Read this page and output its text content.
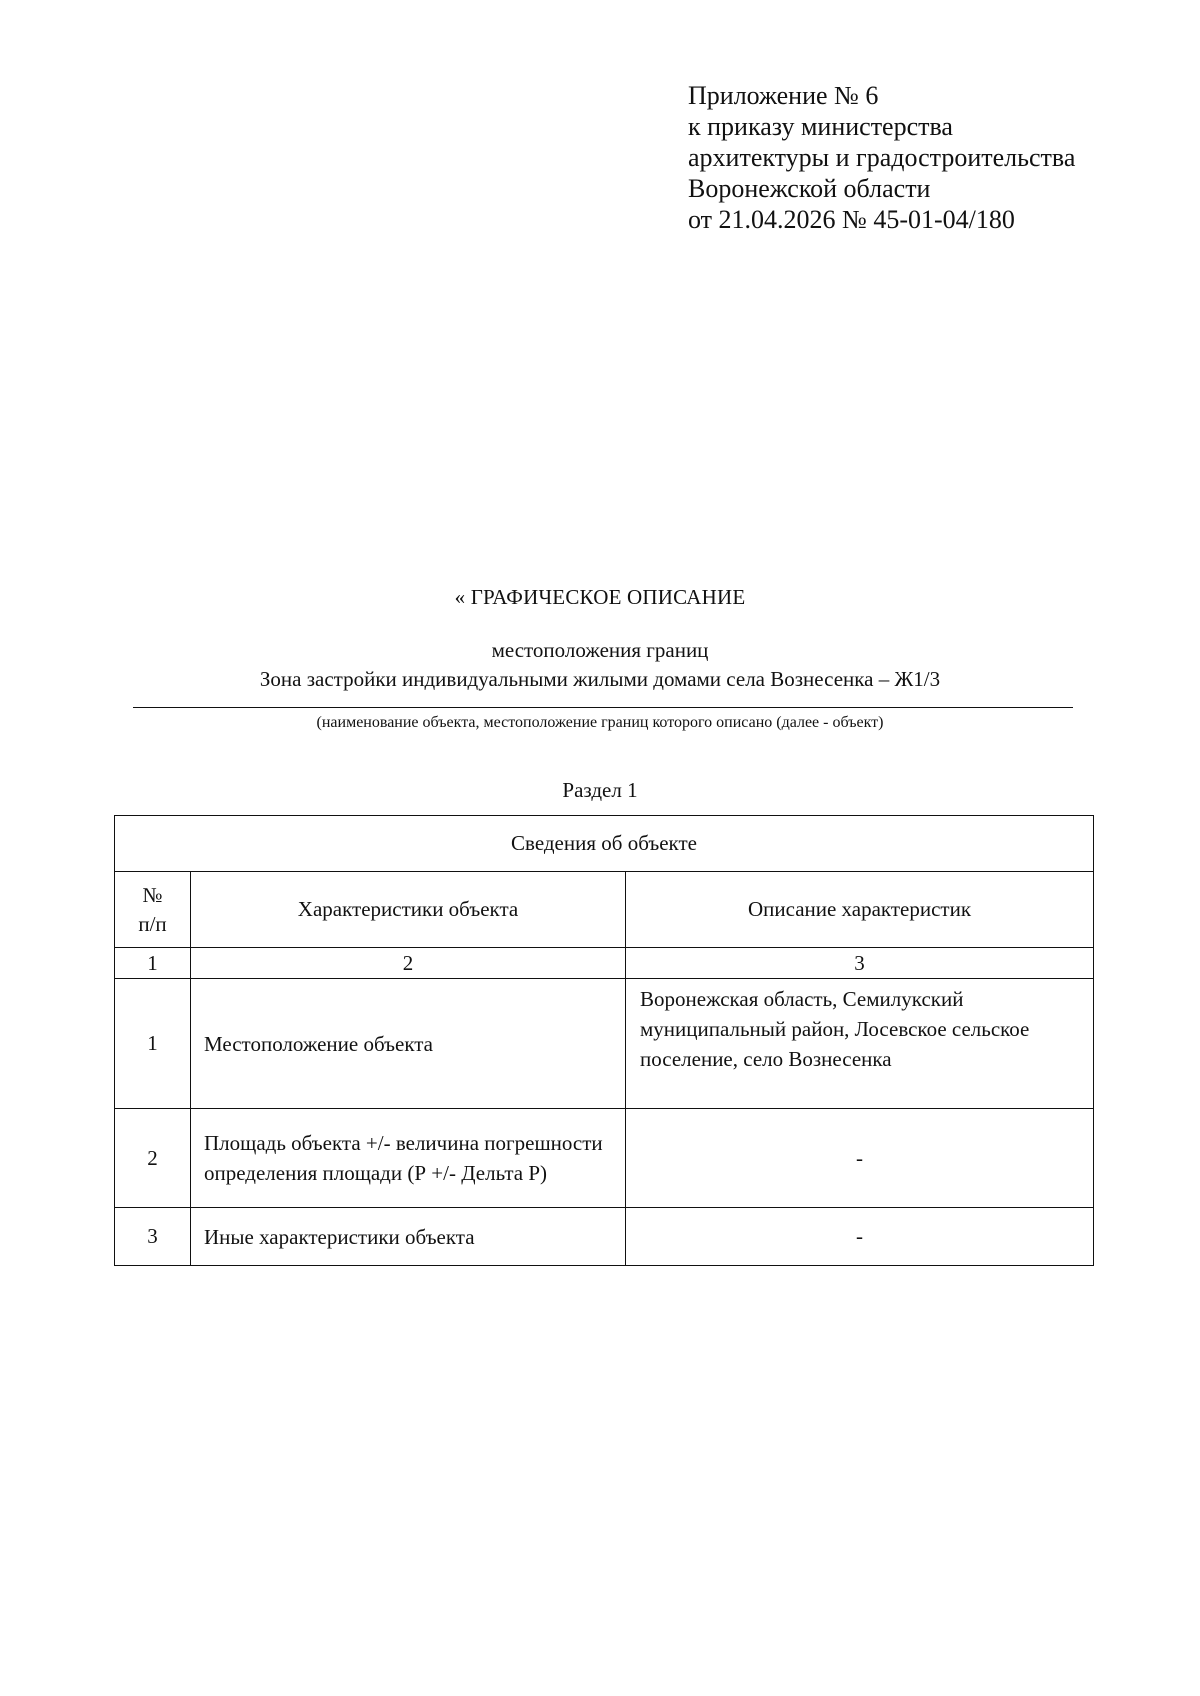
Приложение № 6
к приказу министерства
архитектуры и градостроительства
Воронежской области
от 21.04.2026 № 45-01-04/180
« ГРАФИЧЕСКОЕ ОПИСАНИЕ
местоположения границ
Зона застройки индивидуальными жилыми домами села Вознесенка – Ж1/3
(наименование объекта, местоположение границ которого описано (далее - объект)
Раздел 1
Сведения об объекте		
№
п/п	Характеристики объекта	Описание характеристик
1	2	3
1	Местоположение объекта	Воронежская область, Семилукский муниципальный район, Лосевское сельское поселение, село Вознесенка
2	Площадь объекта +/- величина погрешности определения площади (Р +/- Дельта Р)	-
3	Иные характеристики объекта	-
